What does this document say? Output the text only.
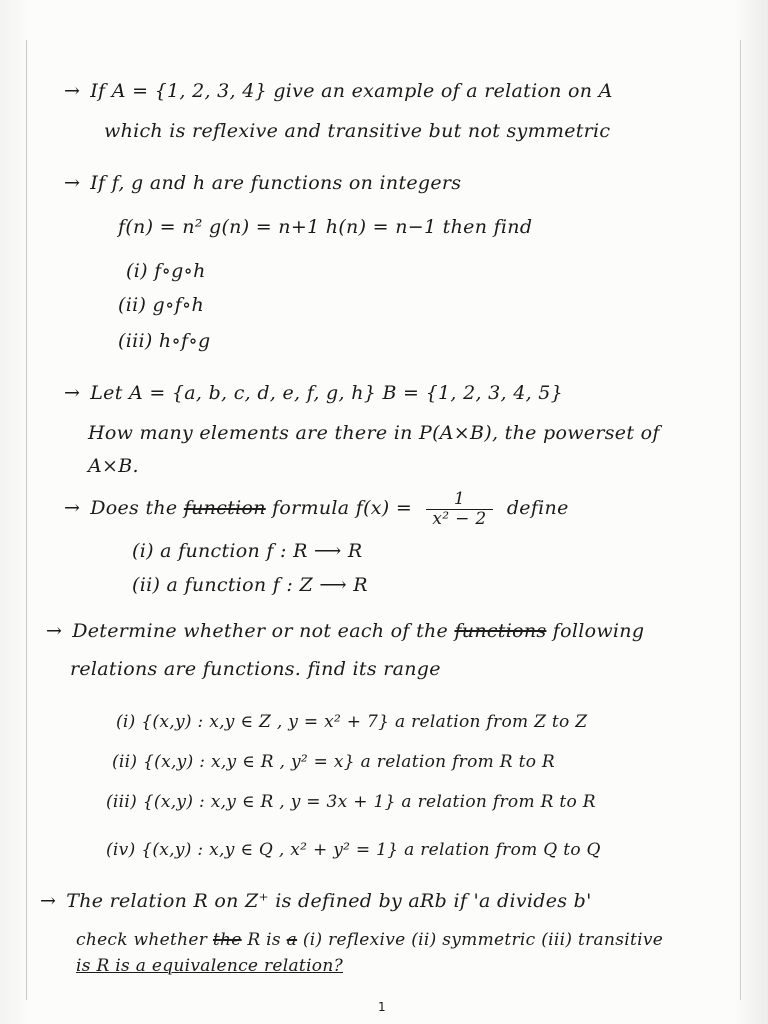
→ If A = {1, 2, 3, 4} give an example of a relation on A
which is reflexive and transitive but not symmetric
→ If f, g and h are functions on integers
f(n) = n² g(n) = n+1 h(n) = n−1 then find
(i) f∘g∘h
(ii) g∘f∘h
(iii) h∘f∘g
→ Let A = {a, b, c, d, e, f, g, h} B = {1, 2, 3, 4, 5}
How many elements are there in P(A×B), the powerset of
A×B.
→ Does the function formula $f(x) = \frac{1}{\text{x² − 2}}$ define
(i) a function f : R ⟶ R
(ii) a function f : Z ⟶ R
→ Determine whether or not each of the functions following
relations are functions. find its range
(i) {(x,y) : x,y ∈ Z , y = x² + 7} a relation from Z to Z
(ii) {(x,y) : x,y ∈ R , y² = x} a relation from R to R
(iii) {(x,y) : x,y ∈ R , y = 3x + 1} a relation from R to R
(iv) {(x,y) : x,y ∈ Q , x² + y² = 1} a relation from Q to Q
→ The relation R on Z⁺ is defined by aRb if 'a divides b'
check whether the R is a (i) reflexive (ii) symmetric (iii) transitive
is R is a equivalence relation?
1
